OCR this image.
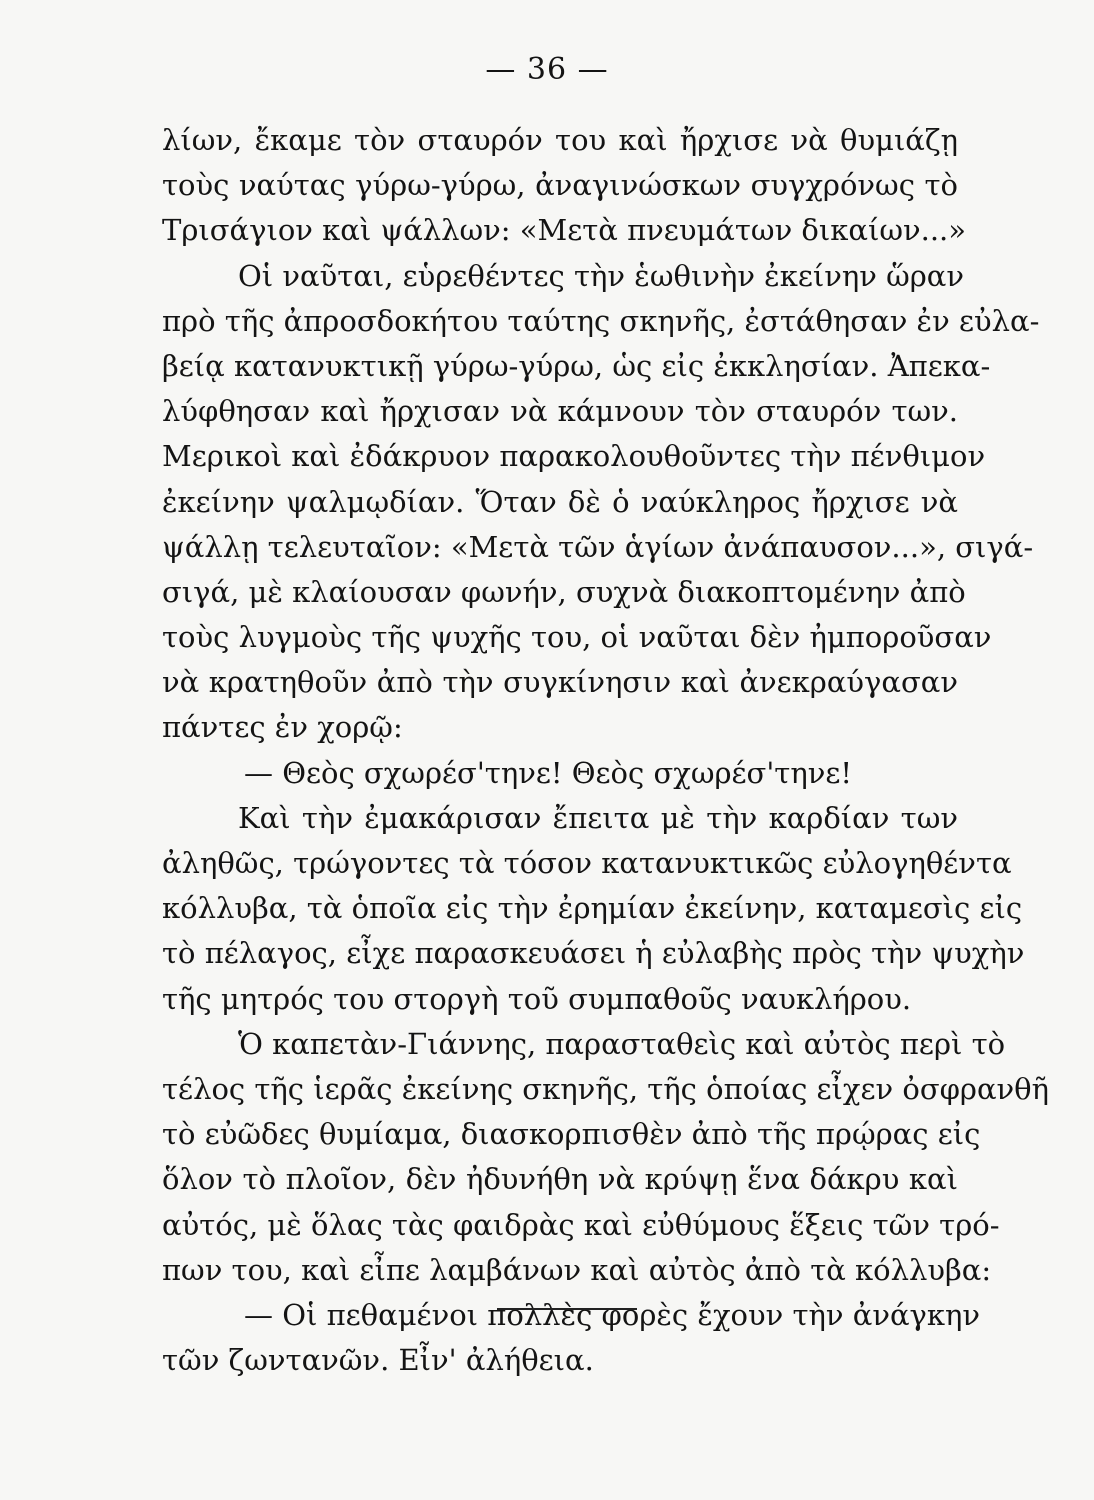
— 36 —
λίων, ἔκαμε τὸν σταυρόν του καὶ ἤρχισε νὰ θυμιάζῃ
τοὺς ναύτας γύρω-γύρω, ἀναγινώσκων συγχρόνως τὸ
Τρισάγιον καὶ ψάλλων: «Μετὰ πνευμάτων δικαίων...»
Οἱ ναῦται, εὑρεθέντες τὴν ἑωθινὴν ἐκείνην ὥραν
πρὸ τῆς ἀπροσδοκήτου ταύτης σκηνῆς, ἐστάθησαν ἐν εὐλα-
βείᾳ κατανυκτικῇ γύρω-γύρω, ὡς εἰς ἐκκλησίαν. Ἀπεκα-
λύφθησαν καὶ ἤρχισαν νὰ κάμνουν τὸν σταυρόν των.
Μερικοὶ καὶ ἐδάκρυον παρακολουθοῦντες τὴν πένθιμον
ἐκείνην ψαλμῳδίαν. Ὅταν δὲ ὁ ναύκληρος ἤρχισε νὰ
ψάλλῃ τελευταῖον: «Μετὰ τῶν ἁγίων ἀνάπαυσον...», σιγά-
σιγά, μὲ κλαίουσαν φωνήν, συχνὰ διακοπτομένην ἀπὸ
τοὺς λυγμοὺς τῆς ψυχῆς του, οἱ ναῦται δὲν ἠμποροῦσαν
νὰ κρατηθοῦν ἀπὸ τὴν συγκίνησιν καὶ ἀνεκραύγασαν
πάντες ἐν χορῷ:
— Θεὸς σχωρέσ'τηνε! Θεὸς σχωρέσ'τηνε!
Καὶ τὴν ἐμακάρισαν ἔπειτα μὲ τὴν καρδίαν των
ἀληθῶς, τρώγοντες τὰ τόσον κατανυκτικῶς εὐλογηθέντα
κόλλυβα, τὰ ὁποῖα εἰς τὴν ἐρημίαν ἐκείνην, καταμεσὶς εἰς
τὸ πέλαγος, εἶχε παρασκευάσει ἡ εὐλαβὴς πρὸς τὴν ψυχὴν
τῆς μητρός του στοργὴ τοῦ συμπαθοῦς ναυκλήρου.
Ὁ καπετὰν-Γιάννης, παρασταθεὶς καὶ αὐτὸς περὶ τὸ
τέλος τῆς ἱερᾶς ἐκείνης σκηνῆς, τῆς ὁποίας εἶχεν ὀσφρανθῆ
τὸ εὐῶδες θυμίαμα, διασκορπισθὲν ἀπὸ τῆς πρῴρας εἰς
ὅλον τὸ πλοῖον, δὲν ἠδυνήθη νὰ κρύψῃ ἕνα δάκρυ καὶ
αὐτός, μὲ ὅλας τὰς φαιδρὰς καὶ εὐθύμους ἕξεις τῶν τρό-
πων του, καὶ εἶπε λαμβάνων καὶ αὐτὸς ἀπὸ τὰ κόλλυβα:
— Οἱ πεθαμένοι πολλὲς φορὲς ἔχουν τὴν ἀνάγκην
τῶν ζωντανῶν. Εἶν' ἀλήθεια.
